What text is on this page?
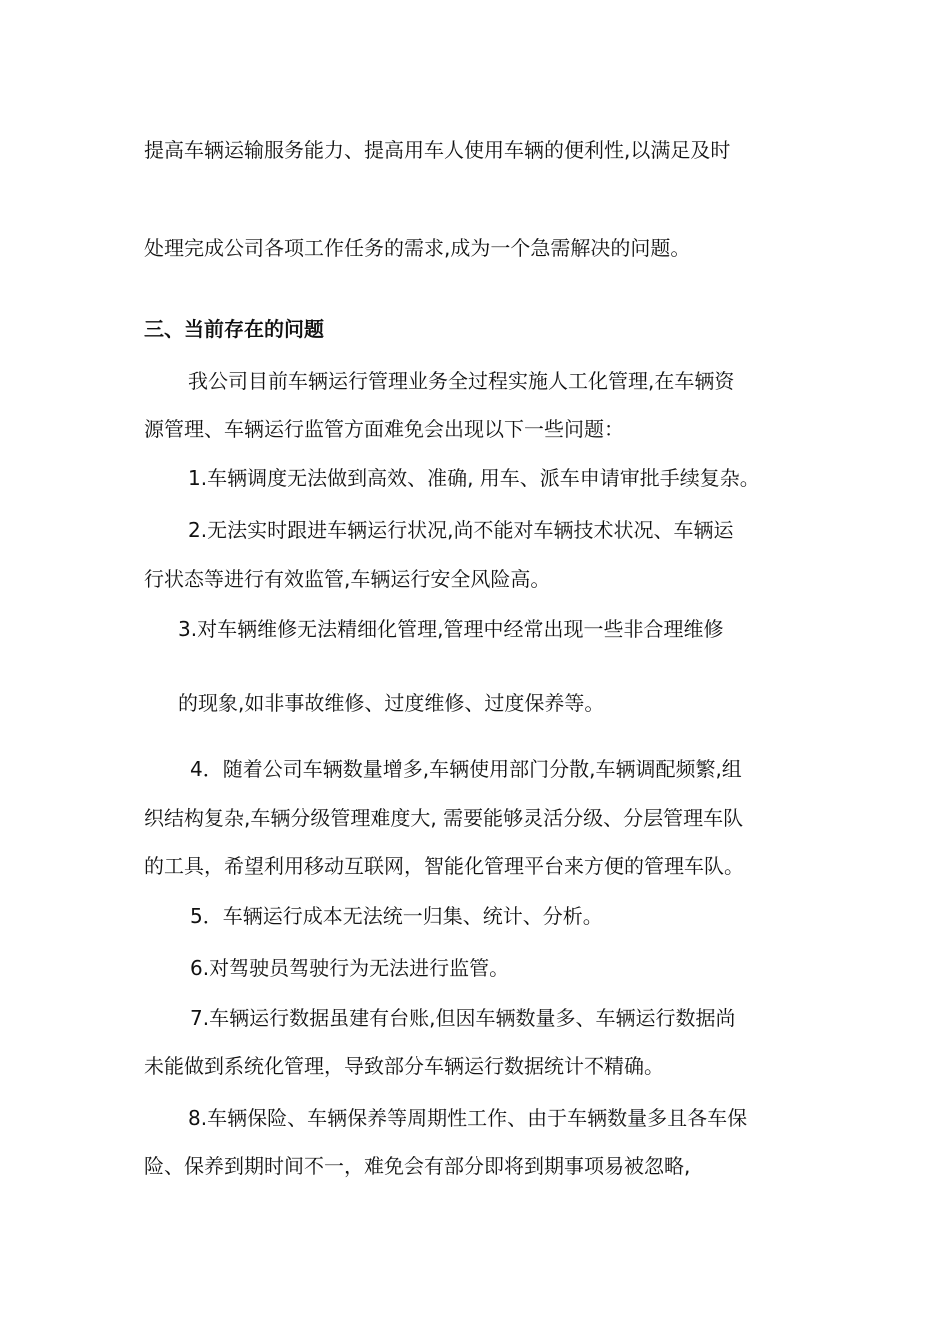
提高车辆运输服务能力、提高用车人使用车辆的便利性,以满足及时
处理完成公司各项工作任务的需求,成为一个急需解决的问题。
三、当前存在的问题
我公司目前车辆运行管理业务全过程实施人工化管理,在车辆资
源管理、车辆运行监管方面难免会出现以下一些问题：
1.车辆调度无法做到高效、准确, 用车、派车申请审批手续复杂。
2.无法实时跟进车辆运行状况,尚不能对车辆技术状况、车辆运
行状态等进行有效监管,车辆运行安全风险高。
3.对车辆维修无法精细化管理,管理中经常出现一些非合理维修
的现象,如非事故维修、过度维修、过度保养等。
4．随着公司车辆数量增多,车辆使用部门分散,车辆调配频繁,组
织结构复杂,车辆分级管理难度大, 需要能够灵活分级、分层管理车队
的工具，希望利用移动互联网，智能化管理平台来方便的管理车队。
5．车辆运行成本无法统一归集、统计、分析。
6.对驾驶员驾驶行为无法进行监管。
7.车辆运行数据虽建有台账,但因车辆数量多、车辆运行数据尚
未能做到系统化管理，导致部分车辆运行数据统计不精确。
8.车辆保险、车辆保养等周期性工作、由于车辆数量多且各车保
险、保养到期时间不一，难免会有部分即将到期事项易被忽略,
